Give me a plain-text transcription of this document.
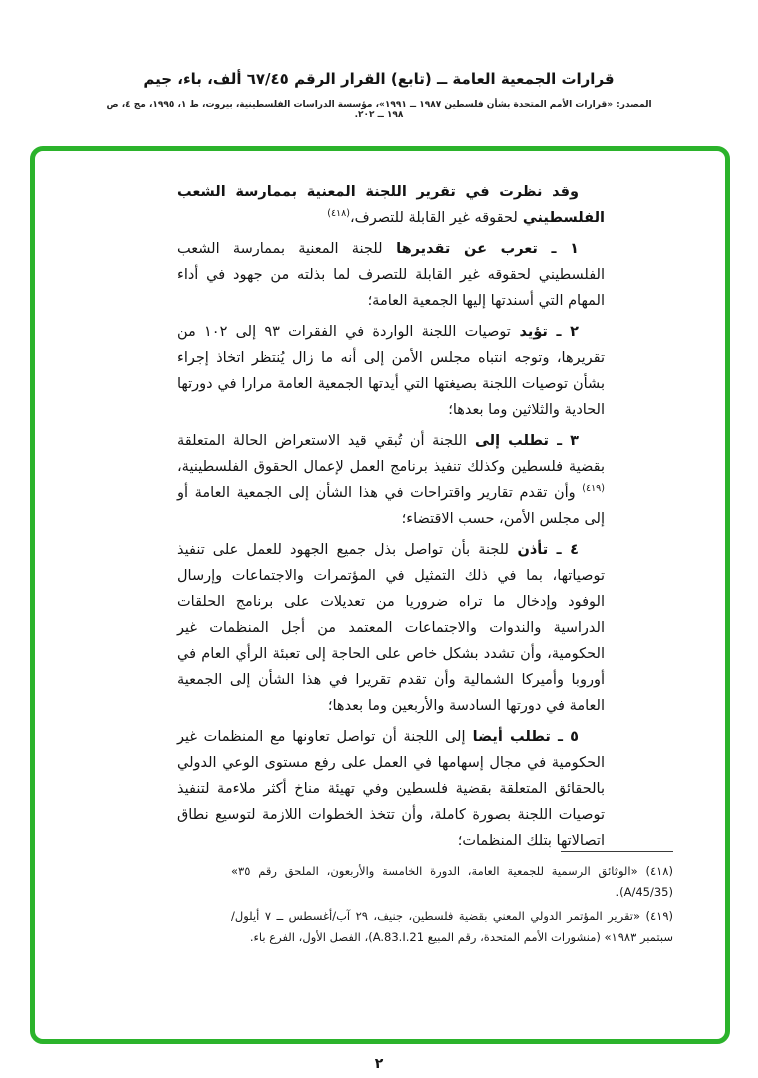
قرارات الجمعية العامة ــ (تابع) القرار الرقم ٦٧/٤٥ ألف، باء، جيم
المصدر: «قرارات الأمم المتحدة بشأن فلسطين ١٩٨٧ ــ ١٩٩١»، مؤسسة الدراسات الفلسطينية، بيروت، ط ١، ١٩٩٥، مج ٤، ص ١٩٨ ــ ٢٠٢.

وقد نظرت في تقرير اللجنة المعنية بممارسة الشعب الفلسطيني لحقوقه غير القابلة للتصرف،$^{(٤١٨)}$

١ ـ تعرب عن تقديرها للجنة المعنية بممارسة الشعب الفلسطيني لحقوقه غير القابلة للتصرف لما بذلته من جهود في أداء المهام التي أسندتها إليها الجمعية العامة؛

٢ ـ تؤيد توصيات اللجنة الواردة في الفقرات ٩٣ إلى ١٠٢ من تقريرها، وتوجه انتباه مجلس الأمن إلى أنه ما زال يُنتظر اتخاذ إجراء بشأن توصيات اللجنة بصيغتها التي أيدتها الجمعية العامة مرارا في دورتها الحادية والثلاثين وما بعدها؛

٣ ـ تطلب إلى اللجنة أن تُبقي قيد الاستعراض الحالة المتعلقة بقضية فلسطين وكذلك تنفيذ برنامج العمل لإعمال الحقوق الفلسطينية،$^{(٤١٩)}$ وأن تقدم تقارير واقتراحات في هذا الشأن إلى الجمعية العامة أو إلى مجلس الأمن، حسب الاقتضاء؛

٤ ـ تأذن للجنة بأن تواصل بذل جميع الجهود للعمل على تنفيذ توصياتها، بما في ذلك التمثيل في المؤتمرات والاجتماعات وإرسال الوفود وإدخال ما تراه ضروريا من تعديلات على برنامج الحلقات الدراسية والندوات والاجتماعات المعتمد من أجل المنظمات غير الحكومية، وأن تشدد بشكل خاص على الحاجة إلى تعبئة الرأي العام في أوروبا وأميركا الشمالية وأن تقدم تقريرا في هذا الشأن إلى الجمعية العامة في دورتها السادسة والأربعين وما بعدها؛

٥ ـ تطلب أيضا إلى اللجنة أن تواصل تعاونها مع المنظمات غير الحكومية في مجال إسهامها في العمل على رفع مستوى الوعي الدولي بالحقائق المتعلقة بقضية فلسطين وفي تهيئة مناخ أكثر ملاءمة لتنفيذ توصيات اللجنة بصورة كاملة، وأن تتخذ الخطوات اللازمة لتوسيع نطاق اتصالاتها بتلك المنظمات؛

(٤١٨) «الوثائق الرسمية للجمعية العامة، الدورة الخامسة والأربعون، الملحق رقم ٣٥» (A/45/35).

(٤١٩) «تقرير المؤتمر الدولي المعني بقضية فلسطين، جنيف، ٢٩ آب/أغسطس ــ ٧ أيلول/سبتمبر ١٩٨٣» (منشورات الأمم المتحدة، رقم المبيع A.83.I.21)، الفصل الأول، الفرع باء.

٢
